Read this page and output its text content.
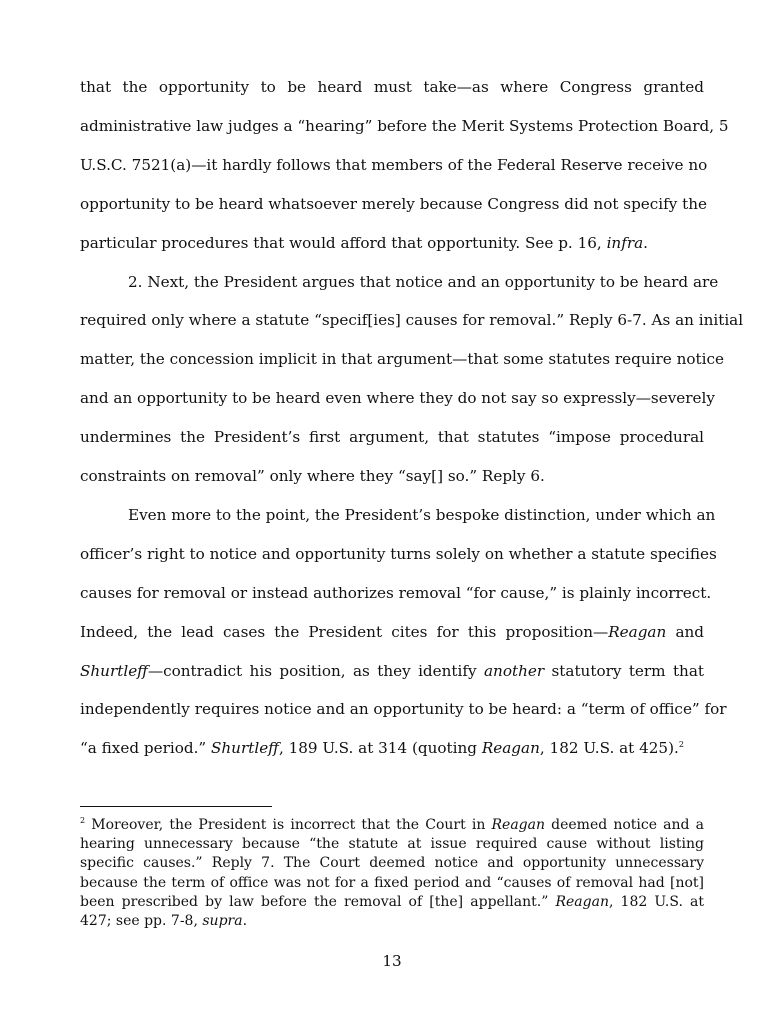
that the opportunity to be heard must take—as where Congress granted
administrative law judges a “hearing” before the Merit Systems Protection Board, 5
U.S.C. 7521(a)—it hardly follows that members of the Federal Reserve receive no
opportunity to be heard whatsoever merely because Congress did not specify the
particular procedures that would afford that opportunity. See p. 16, infra.
2. Next, the President argues that notice and an opportunity to be heard are
required only where a statute “specif[ies] causes for removal.” Reply 6-7. As an initial
matter, the concession implicit in that argument—that some statutes require notice
and an opportunity to be heard even where they do not say so expressly—severely
undermines the President’s first argument, that statutes “impose procedural
constraints on removal” only where they “say[] so.” Reply 6.
Even more to the point, the President’s bespoke distinction, under which an
officer’s right to notice and opportunity turns solely on whether a statute specifies
causes for removal or instead authorizes removal “for cause,” is plainly incorrect.
Indeed, the lead cases the President cites for this proposition—Reagan and
Shurtleff—contradict his position, as they identify another statutory term that
independently requires notice and an opportunity to be heard: a “term of office” for
“a fixed period.” Shurtleff, 189 U.S. at 314 (quoting Reagan, 182 U.S. at 425).$^2$
$^2$ Moreover, the President is incorrect that the Court in Reagan deemed notice and a
hearing unnecessary because “the statute at issue required cause without listing
specific causes.” Reply 7. The Court deemed notice and opportunity unnecessary
because the term of office was not for a fixed period and “causes of removal had [not]
been prescribed by law before the removal of [the] appellant.” Reagan, 182 U.S. at
427; see pp. 7-8, supra.
13
